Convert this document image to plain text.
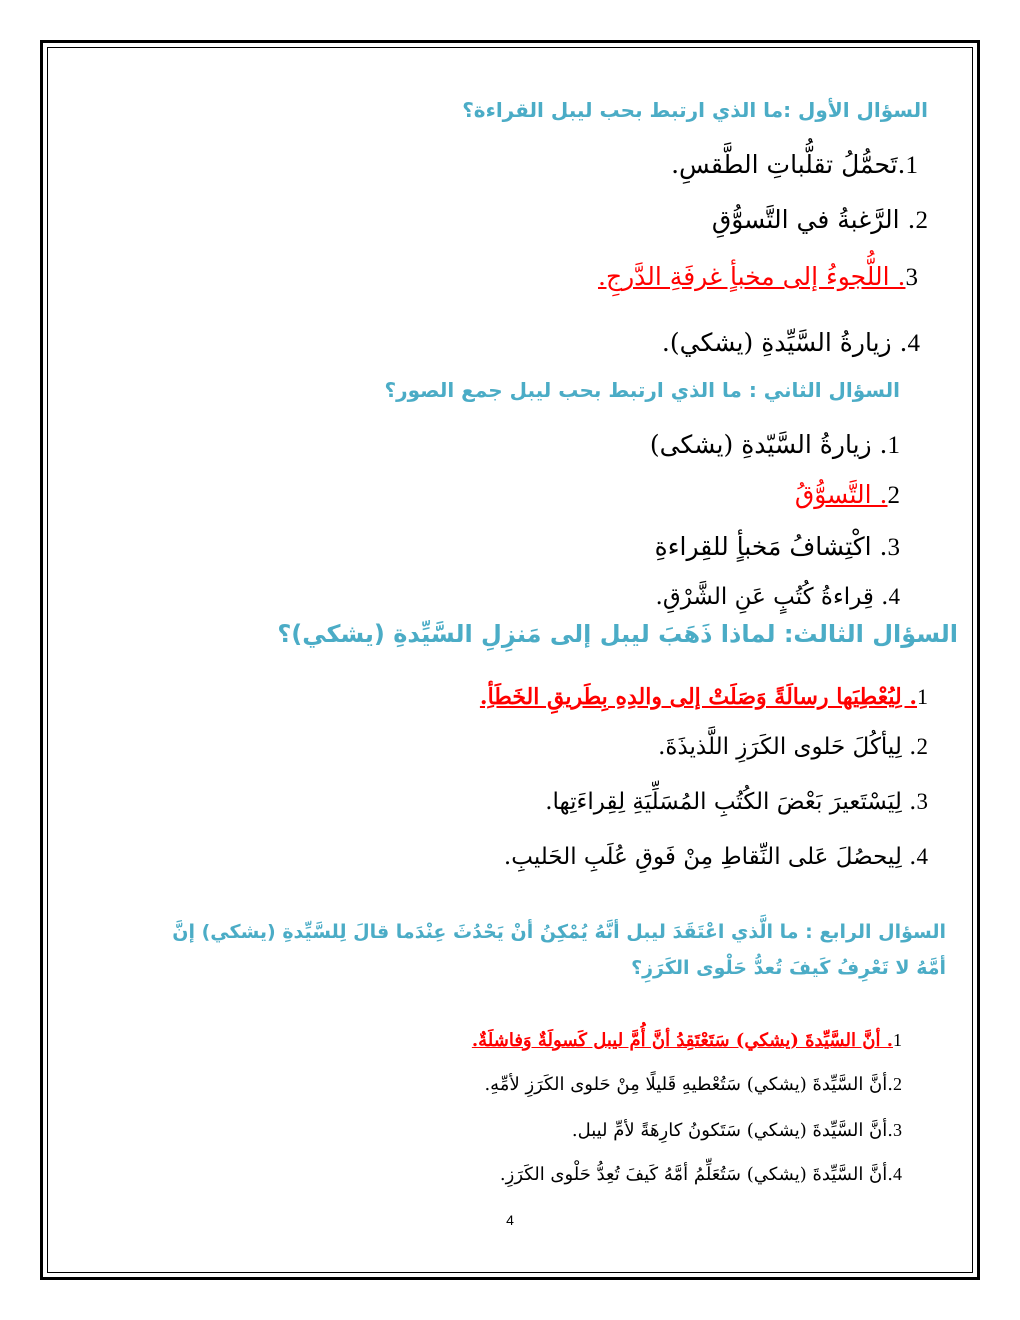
السؤال الأول :ما الذي ارتبط بحب ليبل القراءة؟
1.تَحمُّلُ تقلُّباتِ الطَّقسِ.
2. الرَّغبةُ في التَّسوُّقِ
3. اللُّجوءُ إلى مخبأٍ غرفَةِ الدَّرجِ.
4. زيارةُ السَّيِّدةِ (يشكي).
السؤال الثاني : ما الذي ارتبط بحب ليبل جمع الصور؟
1. زيارةُ السَّيّدةِ (يشكى)
2. التَّسوُّقُ
3. اكْتِشافُ مَخبأٍ للقِراءةِ
4. قِراءةُ كُتُبٍ عَنِ الشَّرْقِ.
السؤال الثالث: لماذا ذَهَبَ ليبل إلى مَنزِلِ السَّيِّدةِ (يشكي)؟
1. لِيُعْطِيَها رسالَةً وَصَلَتْ إلى والدِهِ بِطَريقِ الخَطَأِ.
2. لِيأكُلَ حَلوى الكَرَزِ اللَّذيذَةَ.
3. لِيَسْتَعيرَ بَعْضَ الكُتُبِ المُسَلِّيَةِ لِقِراءَتِها.
4. لِيحصُلَ عَلى النِّقاطِ مِنْ فَوقِ عُلَبِ الحَليبِ.
السؤال الرابع : ما الَّذي اعْتَقَدَ ليبل أنَّهُ يُمْكِنُ أنْ يَحْدُثَ عِنْدَما قالَ لِلسَّيِّدةِ (يشكي) إنَّ
أمَّهُ لا تَعْرِفُ كَيفَ تُعدُّ حَلْوى الكَرَزِ؟
1. أنَّ السَّيِّدةَ (يشكي) سَتَعْتَقِدُ أنَّ أُمَّ ليبل كَسولَةٌ وَفاشلَةٌ.
2.أنَّ السَّيِّدةَ (يشكي) سَتُعْطيهِ قَليلًا مِنْ حَلوى الكَرَزِ لأمِّهِ.
3.أنَّ السَّيِّدةَ (يشكي) سَتَكونُ كارِهَةً لأمِّ ليبل.
4.أنَّ السَّيِّدةَ (يشكي) سَتُعَلِّمُ أمَّهُ كَيفَ تُعِدُّ حَلْوى الكَرَزِ.
4
